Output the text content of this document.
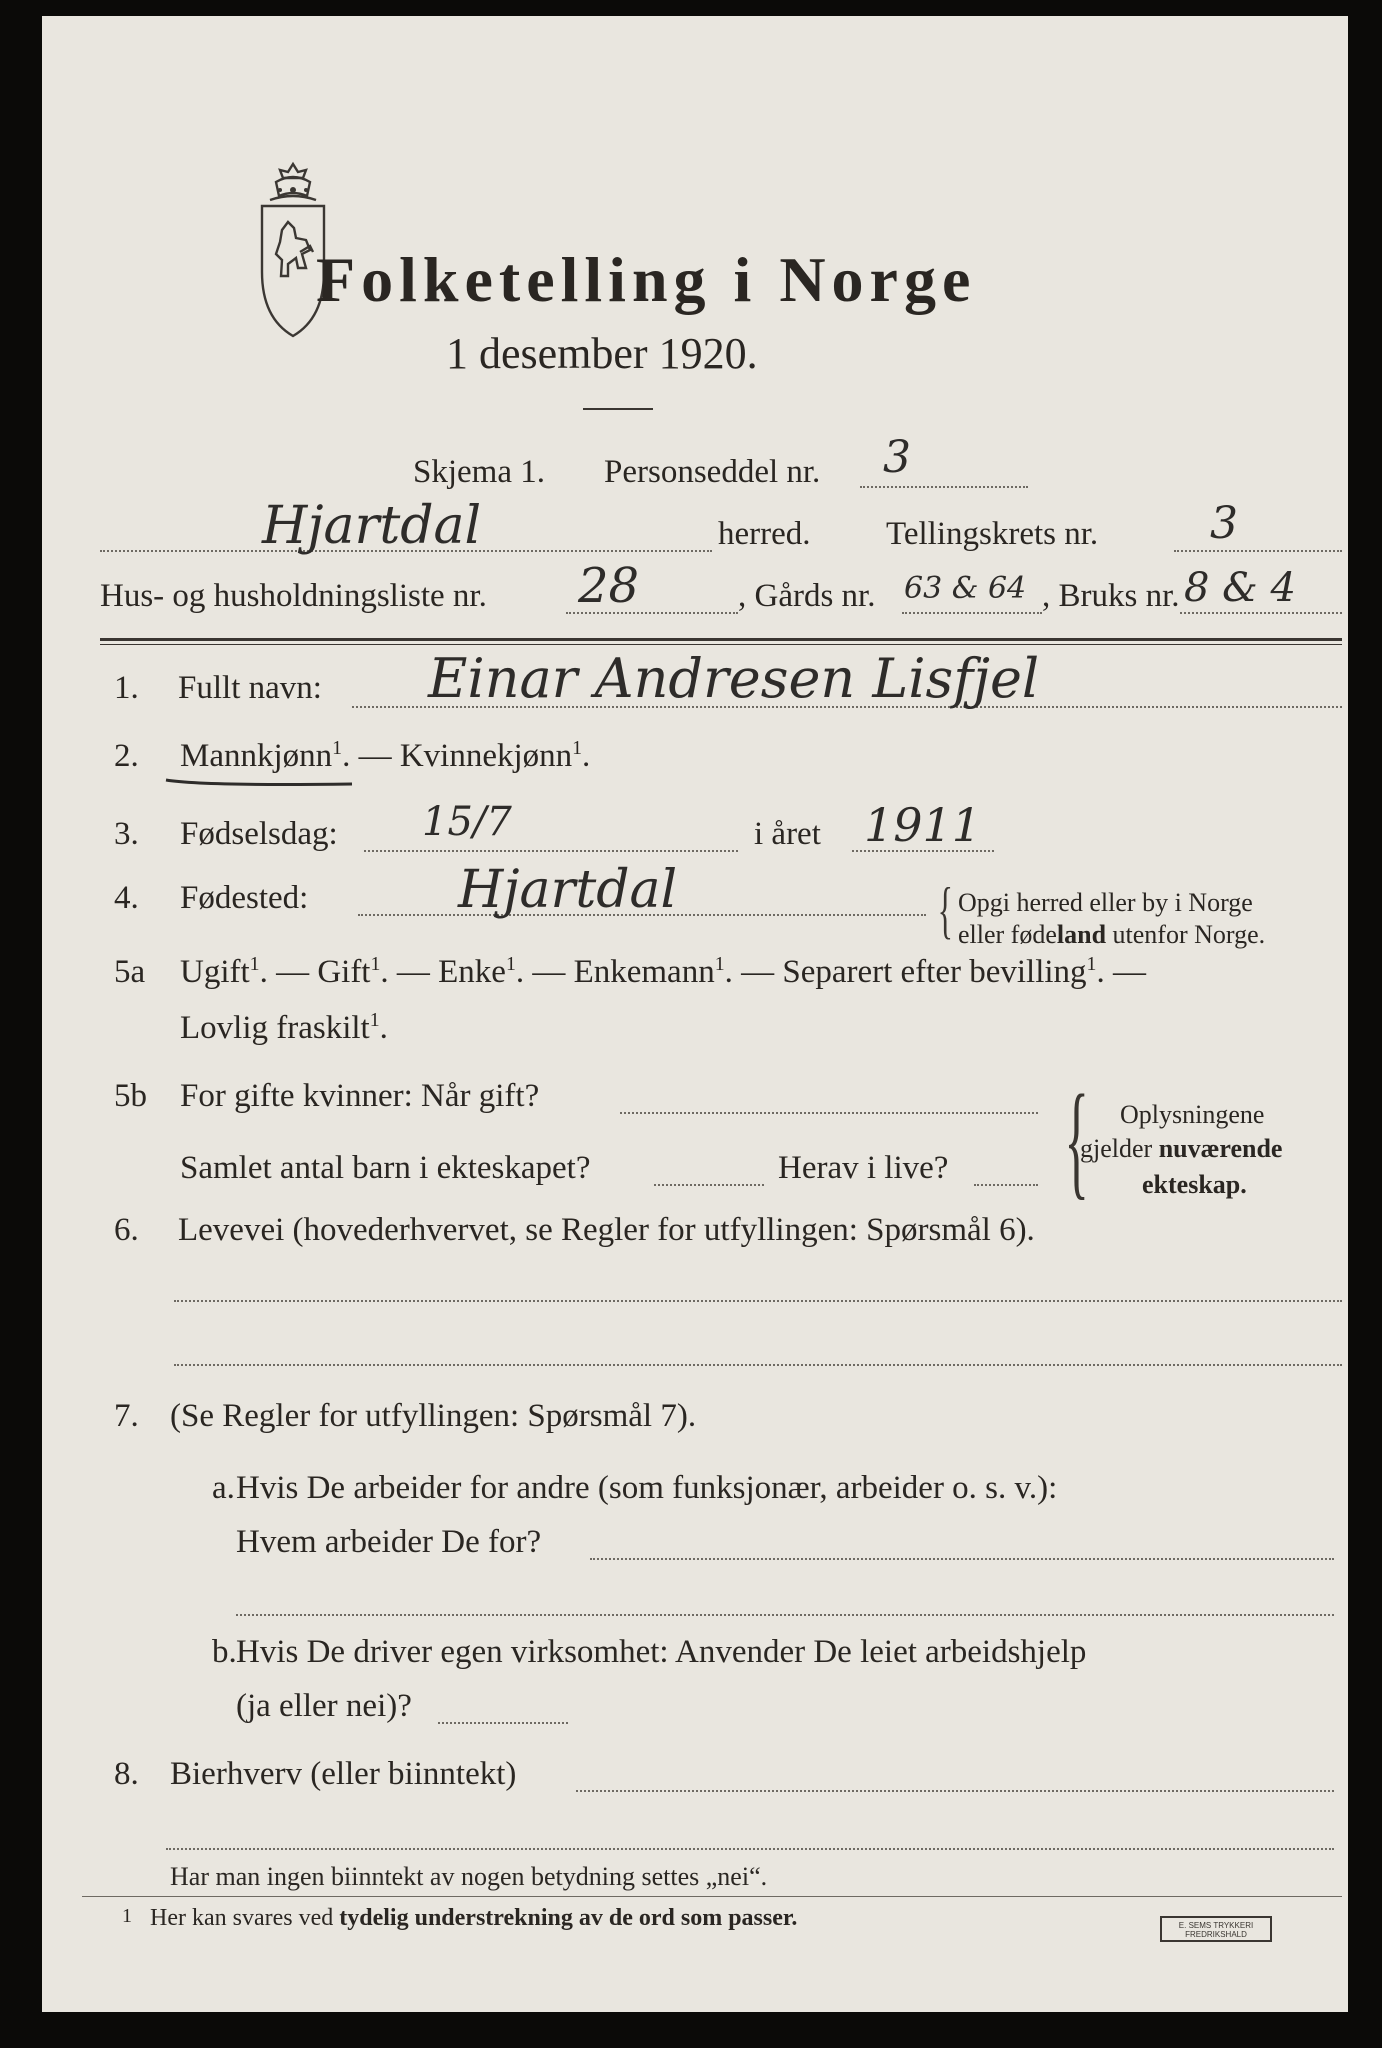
Folketelling i Norge
1 desember 1920.
Skjema 1. Personseddel nr. 3
Hjartdal	herred. Tellingskrets nr.	3
Hus- og husholdningsliste nr. 28	, Gårds nr. 63 & 64 , Bruks nr. 8 & 4
1. Fullt navn: Einar Andresen Lisfjel
2. Mannkjønn$^1$. — Kvinnekjønn$^1$.
3. Fødselsdag: 15/7	i året 1911
4. Fødested:	Hjartdal	{ Opgi herred eller by i Norge
eller fødeland utenfor Norge.
5a Ugift$^1$. — Gift$^1$. — Enke$^1$. — Enkemann$^1$. — Separert efter bevilling$^1$. —
Lovlig fraskilt$^1$.
5b For gifte kvinner: Når gift?
Samlet antal barn i ekteskapet?	Herav i live? { Oplysningene
gjelder nuværende
ekteskap.
6. Levevei (hovederhvervet, se Regler for utfyllingen: Spørsmål 6).
7. (Se Regler for utfyllingen: Spørsmål 7).
a. Hvis De arbeider for andre (som funksjonær, arbeider o. s. v.):
Hvem arbeider De for?
b. Hvis De driver egen virksomhet: Anvender De leiet arbeidshjelp
(ja eller nei)?
8. Bierhverv (eller biinntekt)
Har man ingen biinntekt av nogen betydning settes „nei“.
1 Her kan svares ved tydelig understrekning av de ord som passer.	E. SEMS TRYKKERI FREDRIKSHALD
